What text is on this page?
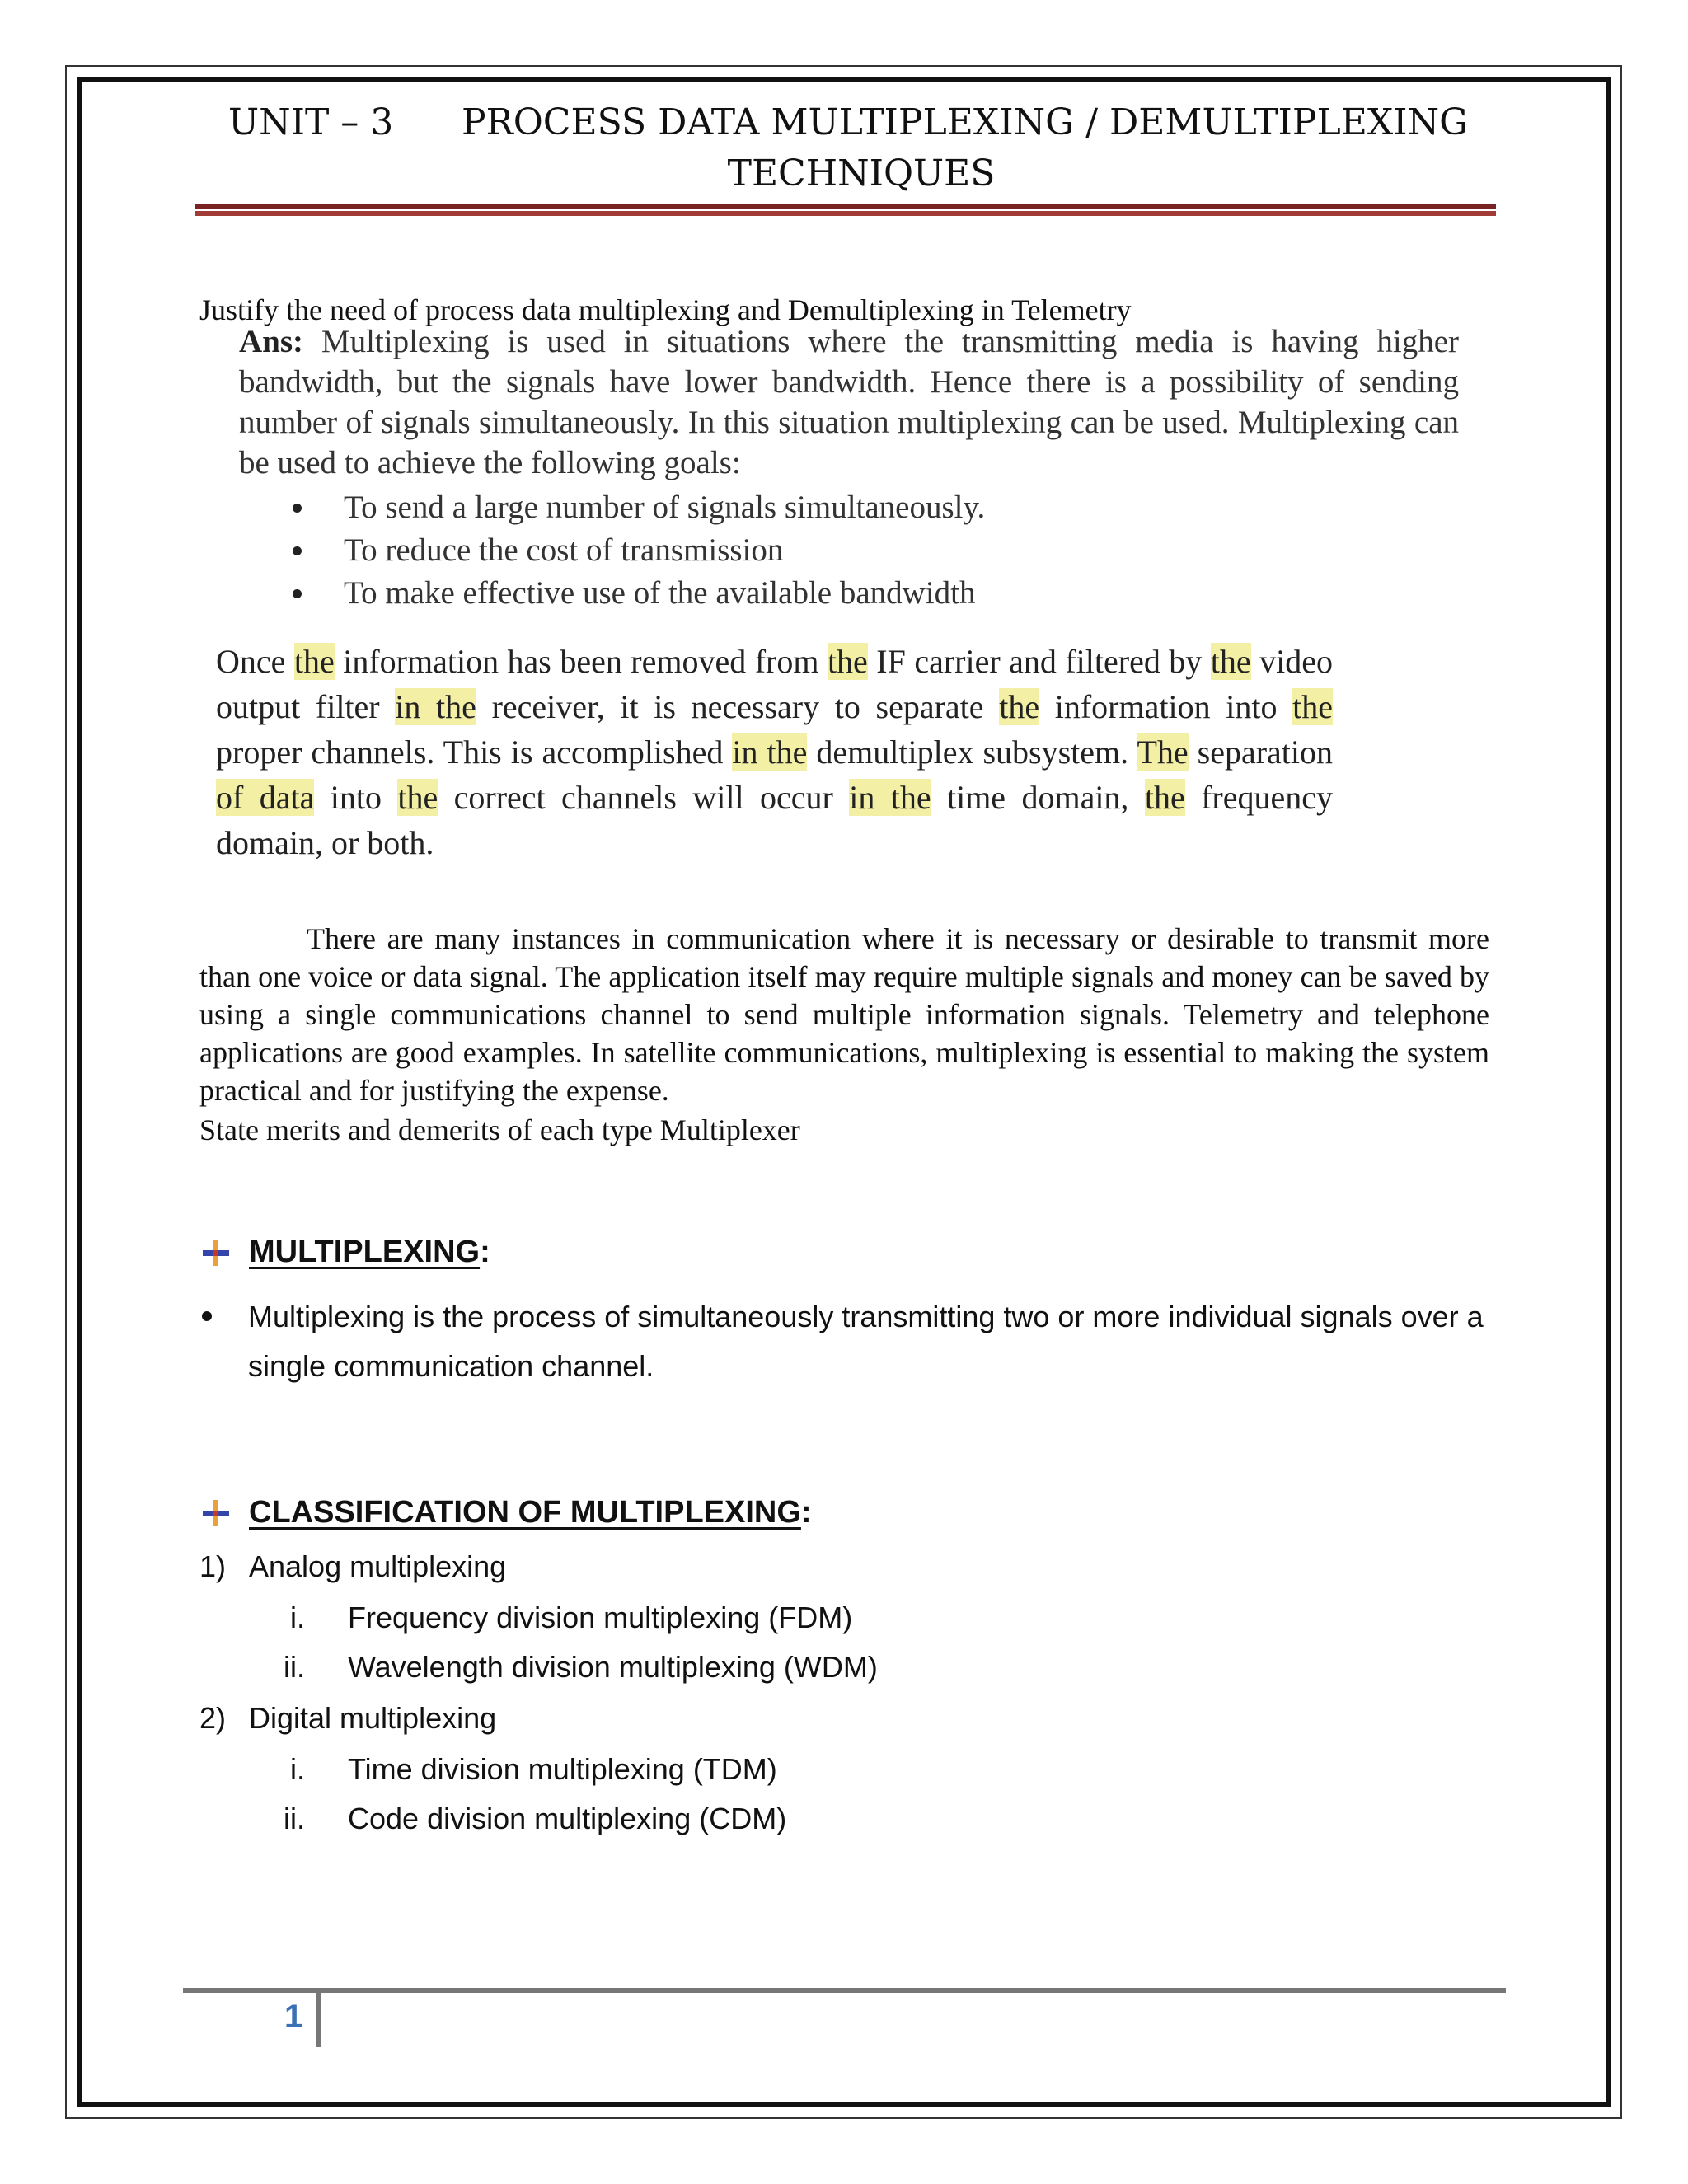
UNIT – 3	PROCESS DATA MULTIPLEXING / DEMULTIPLEXING
TECHNIQUES
Justify the need of process data multiplexing and Demultiplexing in Telemetry
Ans: Multiplexing is used in situations where the transmitting media is having higher bandwidth, but the signals have lower bandwidth. Hence there is a possibility of sending number of signals simultaneously. In this situation multiplexing can be used. Multiplexing can be used to achieve the following goals:
To send a large number of signals simultaneously.
To reduce the cost of transmission
To make effective use of the available bandwidth
Once the information has been removed from the IF carrier and filtered by the video output filter in the receiver, it is necessary to separate the information into the proper channels. This is accomplished in the demultiplex subsystem. The separation of data into the correct channels will occur in the time domain, the frequency domain, or both.
There are many instances in communication where it is necessary or desirable to transmit more than one voice or data signal. The application itself may require multiple signals and money can be saved by using a single communications channel to send multiple information signals. Telemetry and telephone applications are good examples. In satellite communications, multiplexing is essential to making the system practical and for justifying the expense.
State merits and demerits of each type Multiplexer
MULTIPLEXING:
Multiplexing is the process of simultaneously transmitting two or more individual signals over a single communication channel.
CLASSIFICATION OF MULTIPLEXING:
1) Analog multiplexing
i. Frequency division multiplexing (FDM)
ii. Wavelength division multiplexing (WDM)
2) Digital multiplexing
i. Time division multiplexing (TDM)
ii. Code division multiplexing (CDM)
1
